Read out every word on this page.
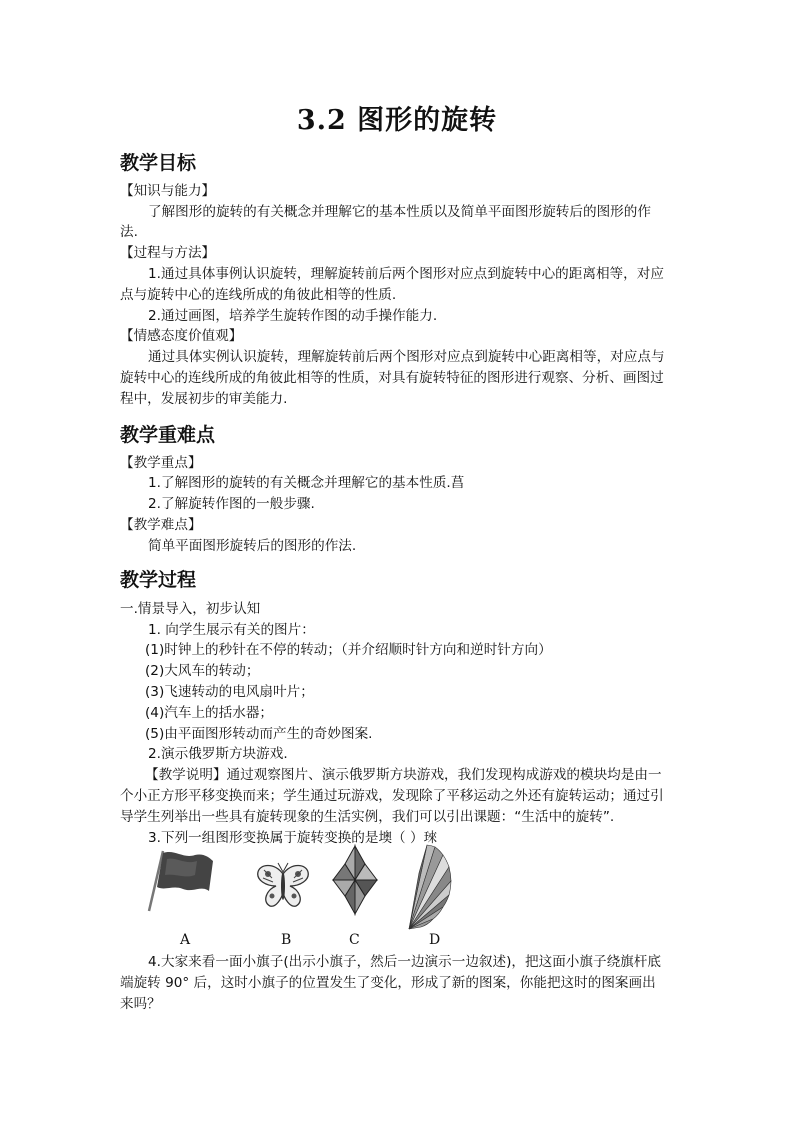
3.2 图形的旋转
教学目标
【知识与能力】
了解图形的旋转的有关概念并理解它的基本性质以及简单平面图形旋转后的图形的作
法.
【过程与方法】
1.通过具体事例认识旋转，理解旋转前后两个图形对应点到旋转中心的距离相等，对应
点与旋转中心的连线所成的角彼此相等的性质.
2.通过画图，培养学生旋转作图的动手操作能力.
【情感态度价值观】
通过具体实例认识旋转，理解旋转前后两个图形对应点到旋转中心距离相等，对应点与
旋转中心的连线所成的角彼此相等的性质，对具有旋转特征的图形进行观察、分析、画图过
程中，发展初步的审美能力.
教学重难点
【教学重点】
1.了解图形的旋转的有关概念并理解它的基本性质.菖
2.了解旋转作图的一般步骤.
【教学难点】
简单平面图形旋转后的图形的作法.
教学过程
一.情景导入，初步认知
1. 向学生展示有关的图片：
(1)时钟上的秒针在不停的转动；（并介绍顺时针方向和逆时针方向）
(2)大风车的转动；
(3)飞速转动的电风扇叶片；
(4)汽车上的括水器；
(5)由平面图形转动而产生的奇妙图案.
2.演示俄罗斯方块游戏.
【教学说明】通过观察图片、演示俄罗斯方块游戏，我们发现构成游戏的模块均是由一
个小正方形平移变换而来；学生通过玩游戏，发现除了平移运动之外还有旋转运动；通过引
导学生列举出一些具有旋转现象的生活实例，我们可以引出课题：“生活中的旋转”.
3.下列一组图形变换属于旋转变换的是墺（ ）琜
A	B	C	D
4.大家来看一面小旗子(出示小旗子，然后一边演示一边叙述)，把这面小旗子绕旗杆底
端旋转 90° 后，这时小旗子的位置发生了变化，形成了新的图案，你能把这时的图案画出
来吗？
